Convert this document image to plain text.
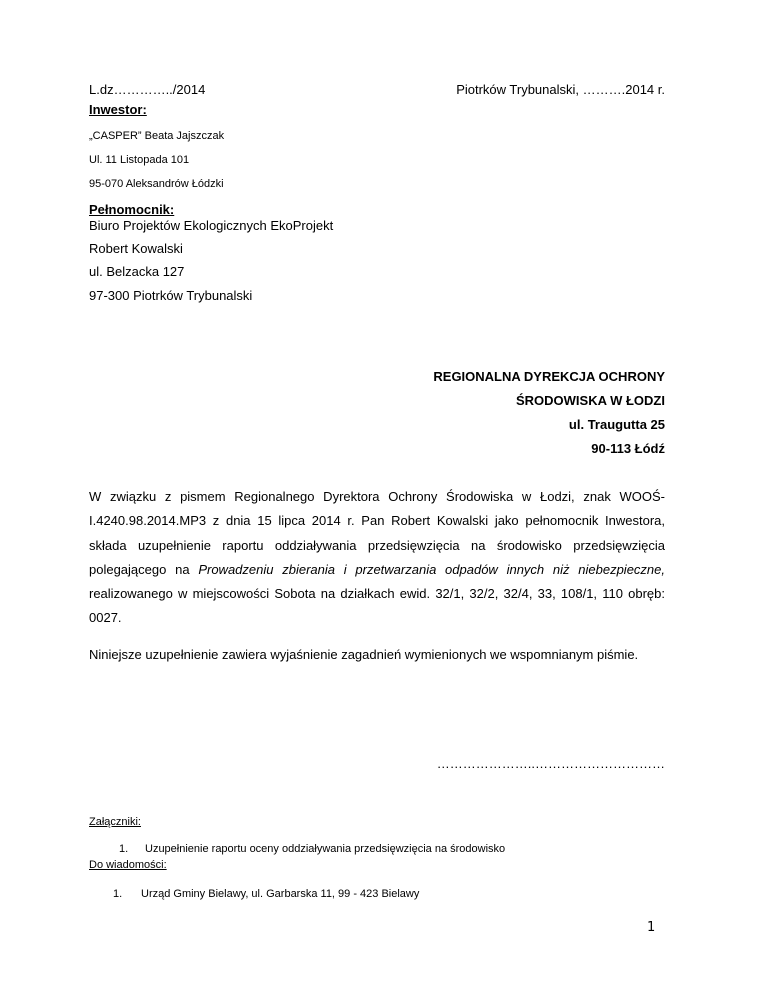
L.dz…………../2014	Piotrków Trybunalski, ……….2014 r.
Inwestor:
„CASPER” Beata Jajszczak
Ul. 11 Listopada 101
95-070 Aleksandrów Łódzki
Pełnomocnik:
Biuro Projektów Ekologicznych EkoProjekt
Robert Kowalski
ul. Belzacka 127
97-300 Piotrków Trybunalski
REGIONALNA DYREKCJA OCHRONY
ŚRODOWISKA W ŁODZI
ul. Traugutta 25
90-113 Łódź
W związku z pismem Regionalnego Dyrektora Ochrony Środowiska w Łodzi, znak WOOŚ-
I.4240.98.2014.MP3 z dnia 15 lipca 2014 r. Pan Robert Kowalski jako pełnomocnik Inwestora,
składa uzupełnienie raportu oddziaływania przedsięwzięcia na środowisko przedsięwzięcia
polegającego na Prowadzeniu zbierania i przetwarzania odpadów innych niż niebezpieczne,
realizowanego w miejscowości Sobota na działkach ewid. 32/1, 32/2, 32/4, 33, 108/1, 110 obręb:
0027.
Niniejsze uzupełnienie zawiera wyjaśnienie zagadnień wymienionych we wspomnianym piśmie.
…………………..…………………………
Załączniki:
1. Uzupełnienie raportu oceny oddziaływania przedsięwzięcia na środowisko
Do wiadomości:
1. Urząd Gminy Bielawy, ul. Garbarska 11, 99 - 423 Bielawy
1
